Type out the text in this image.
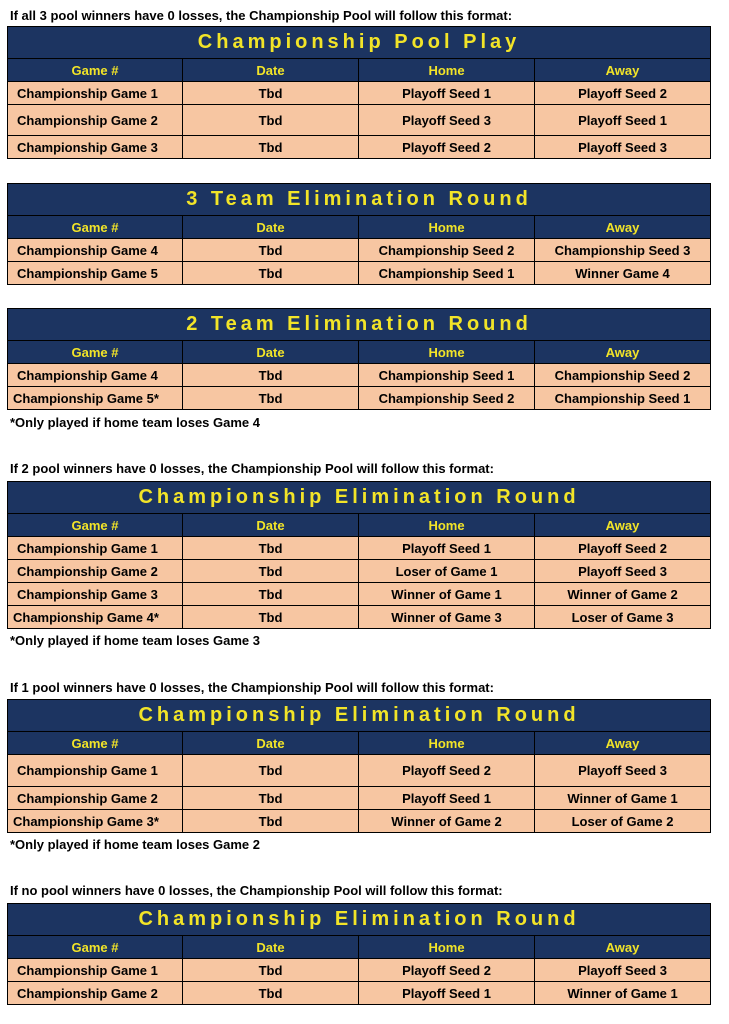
If all 3 pool winners have 0 losses, the Championship Pool will follow this format:
Championship Pool Play			
Game #	Date	Home	Away
Championship Game 1	Tbd	Playoff Seed 1	Playoff Seed 2
Championship Game 2	Tbd	Playoff Seed 3	Playoff Seed 1
Championship Game 3	Tbd	Playoff Seed 2	Playoff Seed 3
3 Team Elimination Round			
Game #	Date	Home	Away
Championship Game 4	Tbd	Championship Seed 2	Championship Seed 3
Championship Game 5	Tbd	Championship Seed 1	Winner Game 4
2 Team Elimination Round			
Game #	Date	Home	Away
Championship Game 4	Tbd	Championship Seed 1	Championship Seed 2
Championship Game 5*	Tbd	Championship Seed 2	Championship Seed 1
*Only played if home team loses Game 4
If 2 pool winners have 0 losses, the Championship Pool will follow this format:
Championship Elimination Round			
Game #	Date	Home	Away
Championship Game 1	Tbd	Playoff Seed 1	Playoff Seed 2
Championship Game 2	Tbd	Loser of Game 1	Playoff Seed 3
Championship Game 3	Tbd	Winner of Game 1	Winner of Game 2
Championship Game 4*	Tbd	Winner of Game 3	Loser of Game 3
*Only played if home team loses Game 3
If 1 pool winners have 0 losses, the Championship Pool will follow this format:
Championship Elimination Round			
Game #	Date	Home	Away
Championship Game 1	Tbd	Playoff Seed 2	Playoff Seed 3
Championship Game 2	Tbd	Playoff Seed 1	Winner of Game 1
Championship Game 3*	Tbd	Winner of Game 2	Loser of Game 2
*Only played if home team loses Game 2
If no pool winners have 0 losses, the Championship Pool will follow this format:
Championship Elimination Round			
Game #	Date	Home	Away
Championship Game 1	Tbd	Playoff Seed 2	Playoff Seed 3
Championship Game 2	Tbd	Playoff Seed 1	Winner of Game 1
